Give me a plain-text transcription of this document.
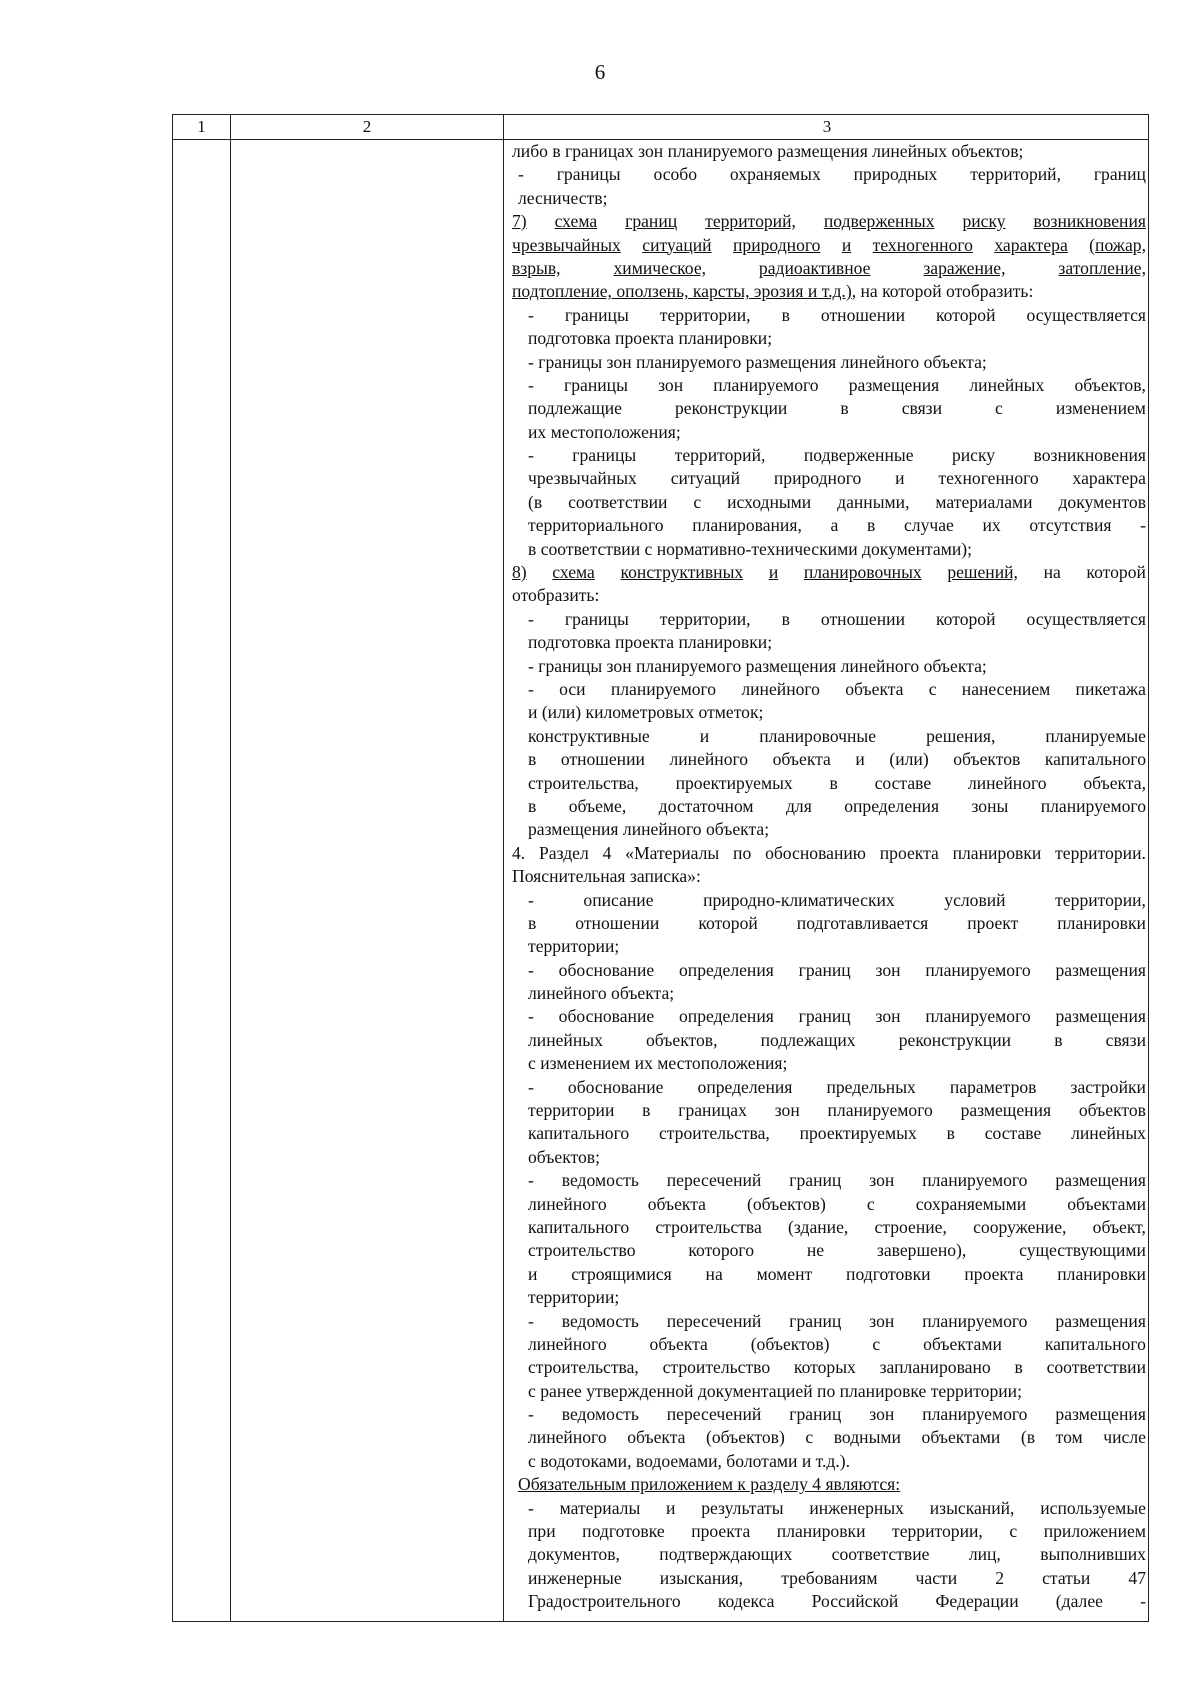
6
1	2	3
либо в границах зон планируемого размещения линейных объектов;
- границы особо охраняемых природных территорий, границ
лесничеств;
7) схема границ территорий, подверженных риску возникновения
чрезвычайных ситуаций природного и техногенного характера (пожар,
взрыв,	химическое,	радиоактивное	заражение,	затопление,
подтопление, оползень, карсты, эрозия и т.д.) , на которой отобразить:
- границы территории, в отношении которой осуществляется
подготовка проекта планировки;
- границы зон планируемого размещения линейного объекта;
- границы зон планируемого размещения линейных объектов,
подлежащие	реконструкции	в	связи	с	изменением
их местоположения;
- границы территорий, подверженные риску возникновения
чрезвычайных ситуаций природного и техногенного характера
(в соответствии с исходными данными, материалами документов
территориального планирования, а в случае их отсутствия -
в соответствии с нормативно-техническими документами);
8) схема конструктивных и планировочных решений, на которой
отобразить:
- границы территории, в отношении которой осуществляется
подготовка проекта планировки;
- границы зон планируемого размещения линейного объекта;
- оси планируемого линейного объекта с нанесением пикетажа
и (или) километровых отметок;
конструктивные	и	планировочные	решения,	планируемые
в отношении линейного объекта и (или) объектов капитального
строительства, проектируемых в составе линейного объекта,
в объеме, достаточном для определения зоны планируемого
размещения линейного объекта;
4. Раздел 4 «Материалы по обоснованию проекта планировки территории.
Пояснительная записка»:
-	описание	природно-климатических	условий	территории,
в отношении которой подготавливается проект планировки
территории;
- обоснование определения границ зон планируемого размещения
линейного объекта;
- обоснование определения границ зон планируемого размещения
линейных объектов, подлежащих реконструкции в связи
с изменением их местоположения;
- обоснование определения предельных параметров застройки
территории в границах зон планируемого размещения объектов
капитального строительства, проектируемых в составе линейных
объектов;
- ведомость пересечений границ зон планируемого размещения
линейного объекта (объектов) с сохраняемыми объектами
капитального строительства (здание, строение, сооружение, объект,
строительство	которого	не	завершено),	существующими
и строящимися на момент подготовки проекта планировки
территории;
- ведомость пересечений границ зон планируемого размещения
линейного объекта (объектов) с объектами капитального
строительства, строительство которых запланировано в соответствии
с ранее утвержденной документацией по планировке территории;
- ведомость пересечений границ зон планируемого размещения
линейного объекта (объектов) с водными объектами (в том числе
с водотоками, водоемами, болотами и т.д.).
Обязательным приложением к разделу 4 являются:
- материалы и результаты инженерных изысканий, используемые
при подготовке проекта планировки территории, с приложением
документов, подтверждающих соответствие лиц, выполнивших
инженерные изыскания, требованиям части 2 статьи 47
Градостроительного кодекса Российской Федерации (далее -
